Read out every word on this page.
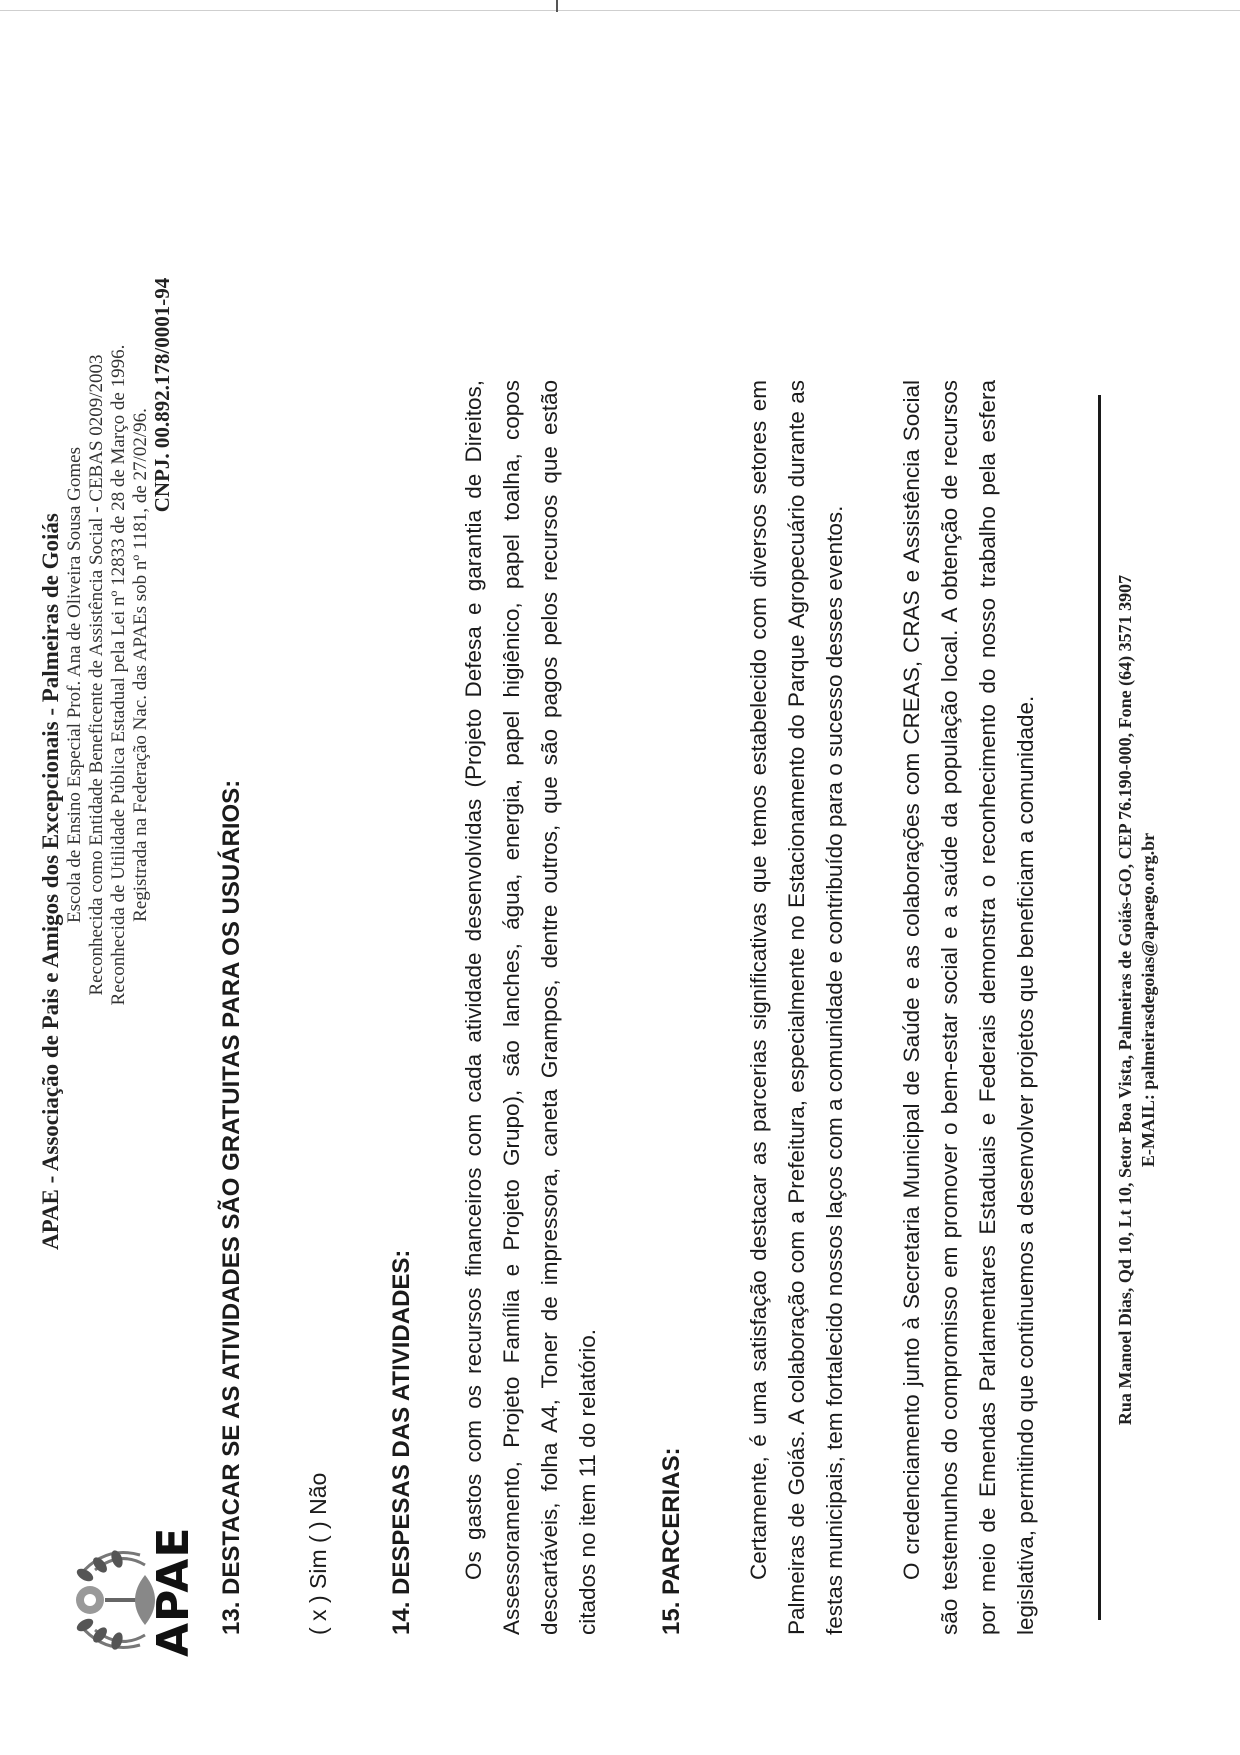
APAE
APAE - Associação de Pais e Amigos dos Excepcionais - Palmeiras de Goiás Escola de Ensino Especial Prof. Ana de Oliveira Sousa Gomes Reconhecida como Entidade Beneficente de Assistência Social - CEBAS 0209/2003 Reconhecida de Utilidade Pública Estadual pela Lei nº 12833 de 28 de Março de 1996. Registrada na Federação Nac. das APAEs sob nº 1181, de 27/02/96.
CNPJ. 00.892.178/0001-94
13. DESTACAR SE AS ATIVIDADES SÃO GRATUITAS PARA OS USUÁRIOS:	( x ) Sim ( ) Não 14. DESPESAS DAS ATIVIDADES: Os gastos com os recursos financeiros com cada atividade desenvolvidas (Projeto Defesa e garantia de Direitos, Assessoramento, Projeto Família e Projeto Grupo), são lanches, água, energia, papel higiênico, papel toalha, copos descartáveis, folha A4, Toner de impressora, caneta Grampos, dentre outros, que são pagos pelos recursos que estão citados no item 11 do relatório. 15. PARCERIAS:	Certamente, é uma satisfação destacar as parcerias significativas que temos estabelecido com diversos setores em Palmeiras de Goiás. A colaboração com a Prefeitura, especialmente no Estacionamento do Parque Agropecuário durante as festas municipais, tem fortalecido nossos laços com a comunidade e contribuído para o sucesso desses eventos.	O credenciamento junto à Secretaria Municipal de Saúde e as colaborações com CREAS, CRAS e Assistência Social são testemunhos do compromisso em promover o bem-estar social e a saúde da população local. A obtenção de recursos por meio de Emendas Parlamentares Estaduais e Federais demonstra o reconhecimento do nosso trabalho pela esfera legislativa, permitindo que continuemos a desenvolver projetos que beneficiam a comunidade.	Rua Manoel Dias, Qd 10, Lt 10, Setor Boa Vista, Palmeiras de Goiás-GO, CEP 76.190-000, Fone (64) 3571 3907 E-MAIL: palmeirasdegoias@apaego.org.br
